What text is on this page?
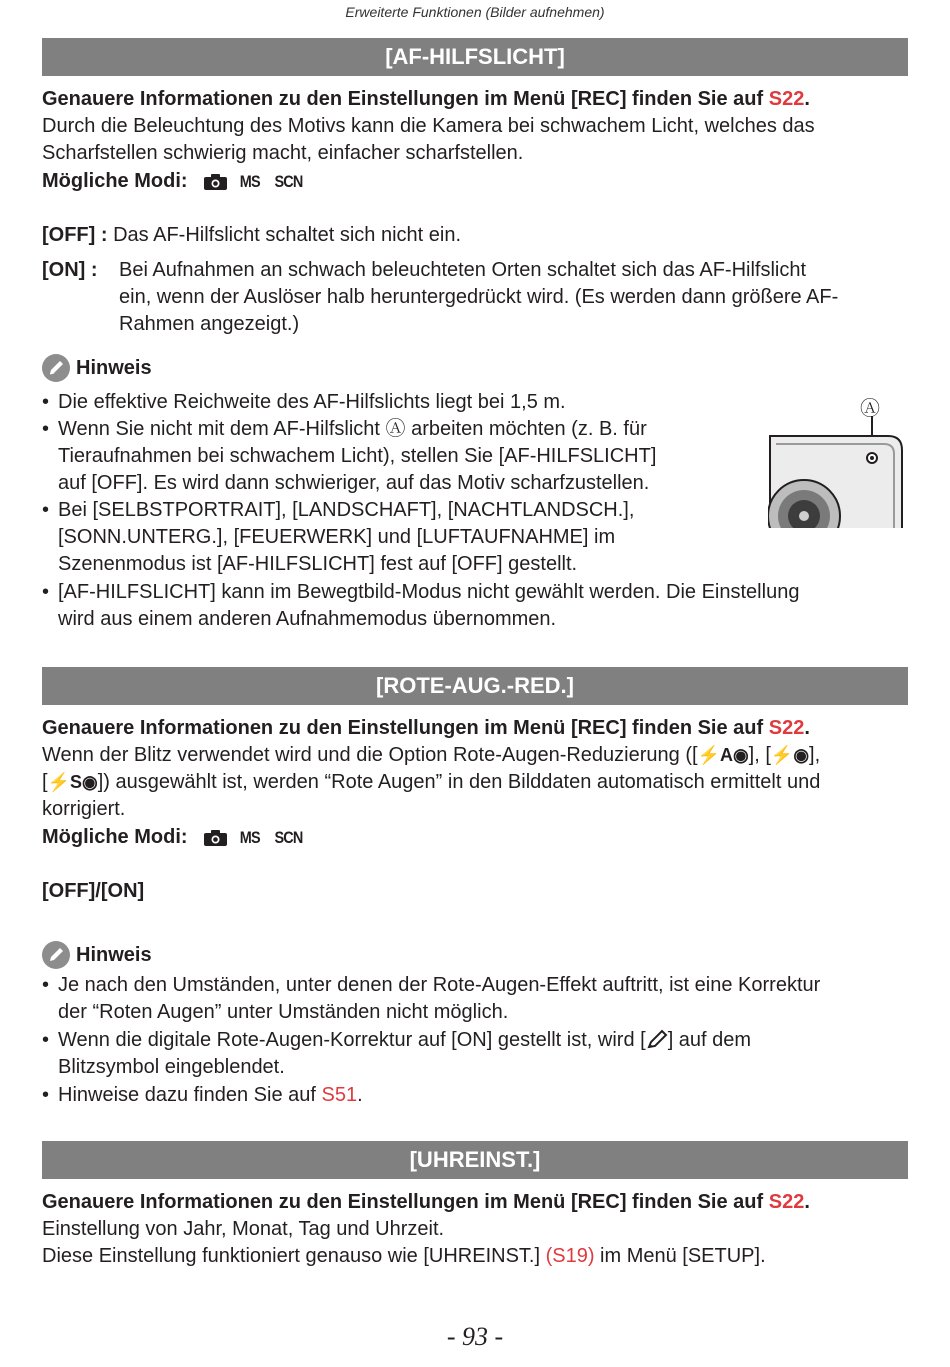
Erweiterte Funktionen (Bilder aufnehmen)
[AF-HILFSLICHT]
Genauere Informationen zu den Einstellungen im Menü [REC] finden Sie auf S22.
Durch die Beleuchtung des Motivs kann die Kamera bei schwachem Licht, welches das
Scharfstellen schwierig macht, einfacher scharfstellen.
Mögliche Modi:	MS SCN
[OFF] : Das AF-Hilfslicht schaltet sich nicht ein.
[ON] : Bei Aufnahmen an schwach beleuchteten Orten schaltet sich das AF-Hilfslicht
ein, wenn der Auslöser halb heruntergedrückt wird. (Es werden dann größere AF-
Rahmen angezeigt.)
Hinweis
• Die effektive Reichweite des AF-Hilfslichts liegt bei 1,5 m.
• Wenn Sie nicht mit dem AF-Hilfslicht Ⓐ arbeiten möchten (z. B. für
Tieraufnahmen bei schwachem Licht), stellen Sie [AF-HILFSLICHT]
auf [OFF]. Es wird dann schwieriger, auf das Motiv scharfzustellen.
• Bei [SELBSTPORTRAIT], [LANDSCHAFT], [NACHTLANDSCH.],
[SONN.UNTERG.], [FEUERWERK] und [LUFTAUFNAHME] im
Szenenmodus ist [AF-HILFSLICHT] fest auf [OFF] gestellt.
• [AF-HILFSLICHT] kann im Bewegtbild-Modus nicht gewählt werden. Die Einstellung
wird aus einem anderen Aufnahmemodus übernommen.
Ⓐ
[ROTE-AUG.-RED.]
Genauere Informationen zu den Einstellungen im Menü [REC] finden Sie auf S22.
Wenn der Blitz verwendet wird und die Option Rote-Augen-Reduzierung ([⚡A◉], [⚡◉],
[⚡S◉]) ausgewählt ist, werden “Rote Augen” in den Bilddaten automatisch ermittelt und
korrigiert.
Mögliche Modi:	MS SCN
[OFF]/[ON]
Hinweis
• Je nach den Umständen, unter denen der Rote-Augen-Effekt auftritt, ist eine Korrektur
der “Roten Augen” unter Umständen nicht möglich.
• Wenn die digitale Rote-Augen-Korrektur auf [ON] gestellt ist, wird [ ] auf dem
Blitzsymbol eingeblendet.
• Hinweise dazu finden Sie auf S51.
[UHREINST.]
Genauere Informationen zu den Einstellungen im Menü [REC] finden Sie auf S22.
Einstellung von Jahr, Monat, Tag und Uhrzeit.
Diese Einstellung funktioniert genauso wie [UHREINST.] (S19) im Menü [SETUP].
- 93 -
